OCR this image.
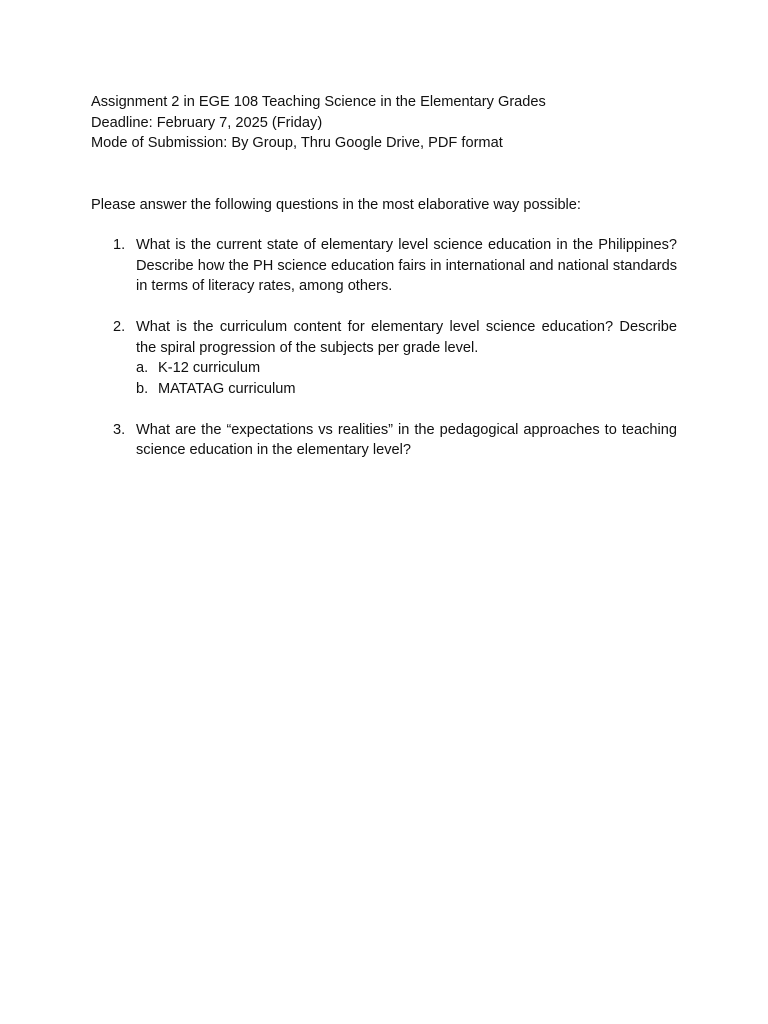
Assignment 2 in EGE 108 Teaching Science in the Elementary Grades
Deadline: February 7, 2025 (Friday)
Mode of Submission: By Group, Thru Google Drive, PDF format
Please answer the following questions in the most elaborative way possible:
1. What is the current state of elementary level science education in the Philippines? Describe how the PH science education fairs in international and national standards in terms of literacy rates, among others.
2. What is the curriculum content for elementary level science education? Describe the spiral progression of the subjects per grade level.
a. K-12 curriculum
b. MATATAG curriculum
3. What are the “expectations vs realities” in the pedagogical approaches to teaching science education in the elementary level?
